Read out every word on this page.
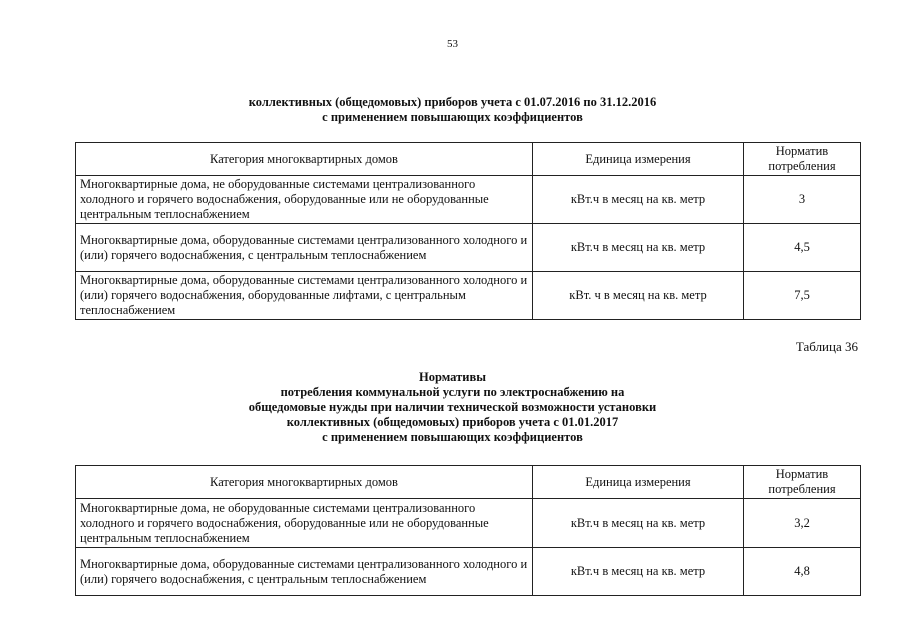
53
коллективных (общедомовых) приборов учета с 01.07.2016 по 31.12.2016
с применением повышающих коэффициентов
Категория многоквартирных домов	Единица измерения	Норматив потребления
Многоквартирные дома, не оборудованные системами централизованного холодного и горячего водоснабжения, оборудованные или не оборудованные центральным теплоснабжением	кВт.ч в месяц на кв. метр	3
Многоквартирные дома, оборудованные системами централизованного холодного и (или) горячего водоснабжения, с центральным теплоснабжением	кВт.ч в месяц на кв. метр	4,5
Многоквартирные дома, оборудованные системами централизованного холодного и (или) горячего водоснабжения, оборудованные лифтами, с центральным теплоснабжением	кВт. ч в месяц на кв. метр	7,5
Таблица 36
Нормативы
потребления коммунальной услуги по электроснабжению на
общедомовые нужды при наличии технической возможности установки
коллективных (общедомовых) приборов учета с 01.01.2017
с применением повышающих коэффициентов
Категория многоквартирных домов	Единица измерения	Норматив потребления
Многоквартирные дома, не оборудованные системами централизованного холодного и горячего водоснабжения, оборудованные или не оборудованные центральным теплоснабжением	кВт.ч в месяц на кв. метр	3,2
Многоквартирные дома, оборудованные системами централизованного холодного и (или) горячего водоснабжения, с центральным теплоснабжением	кВт.ч в месяц на кв. метр	4,8
